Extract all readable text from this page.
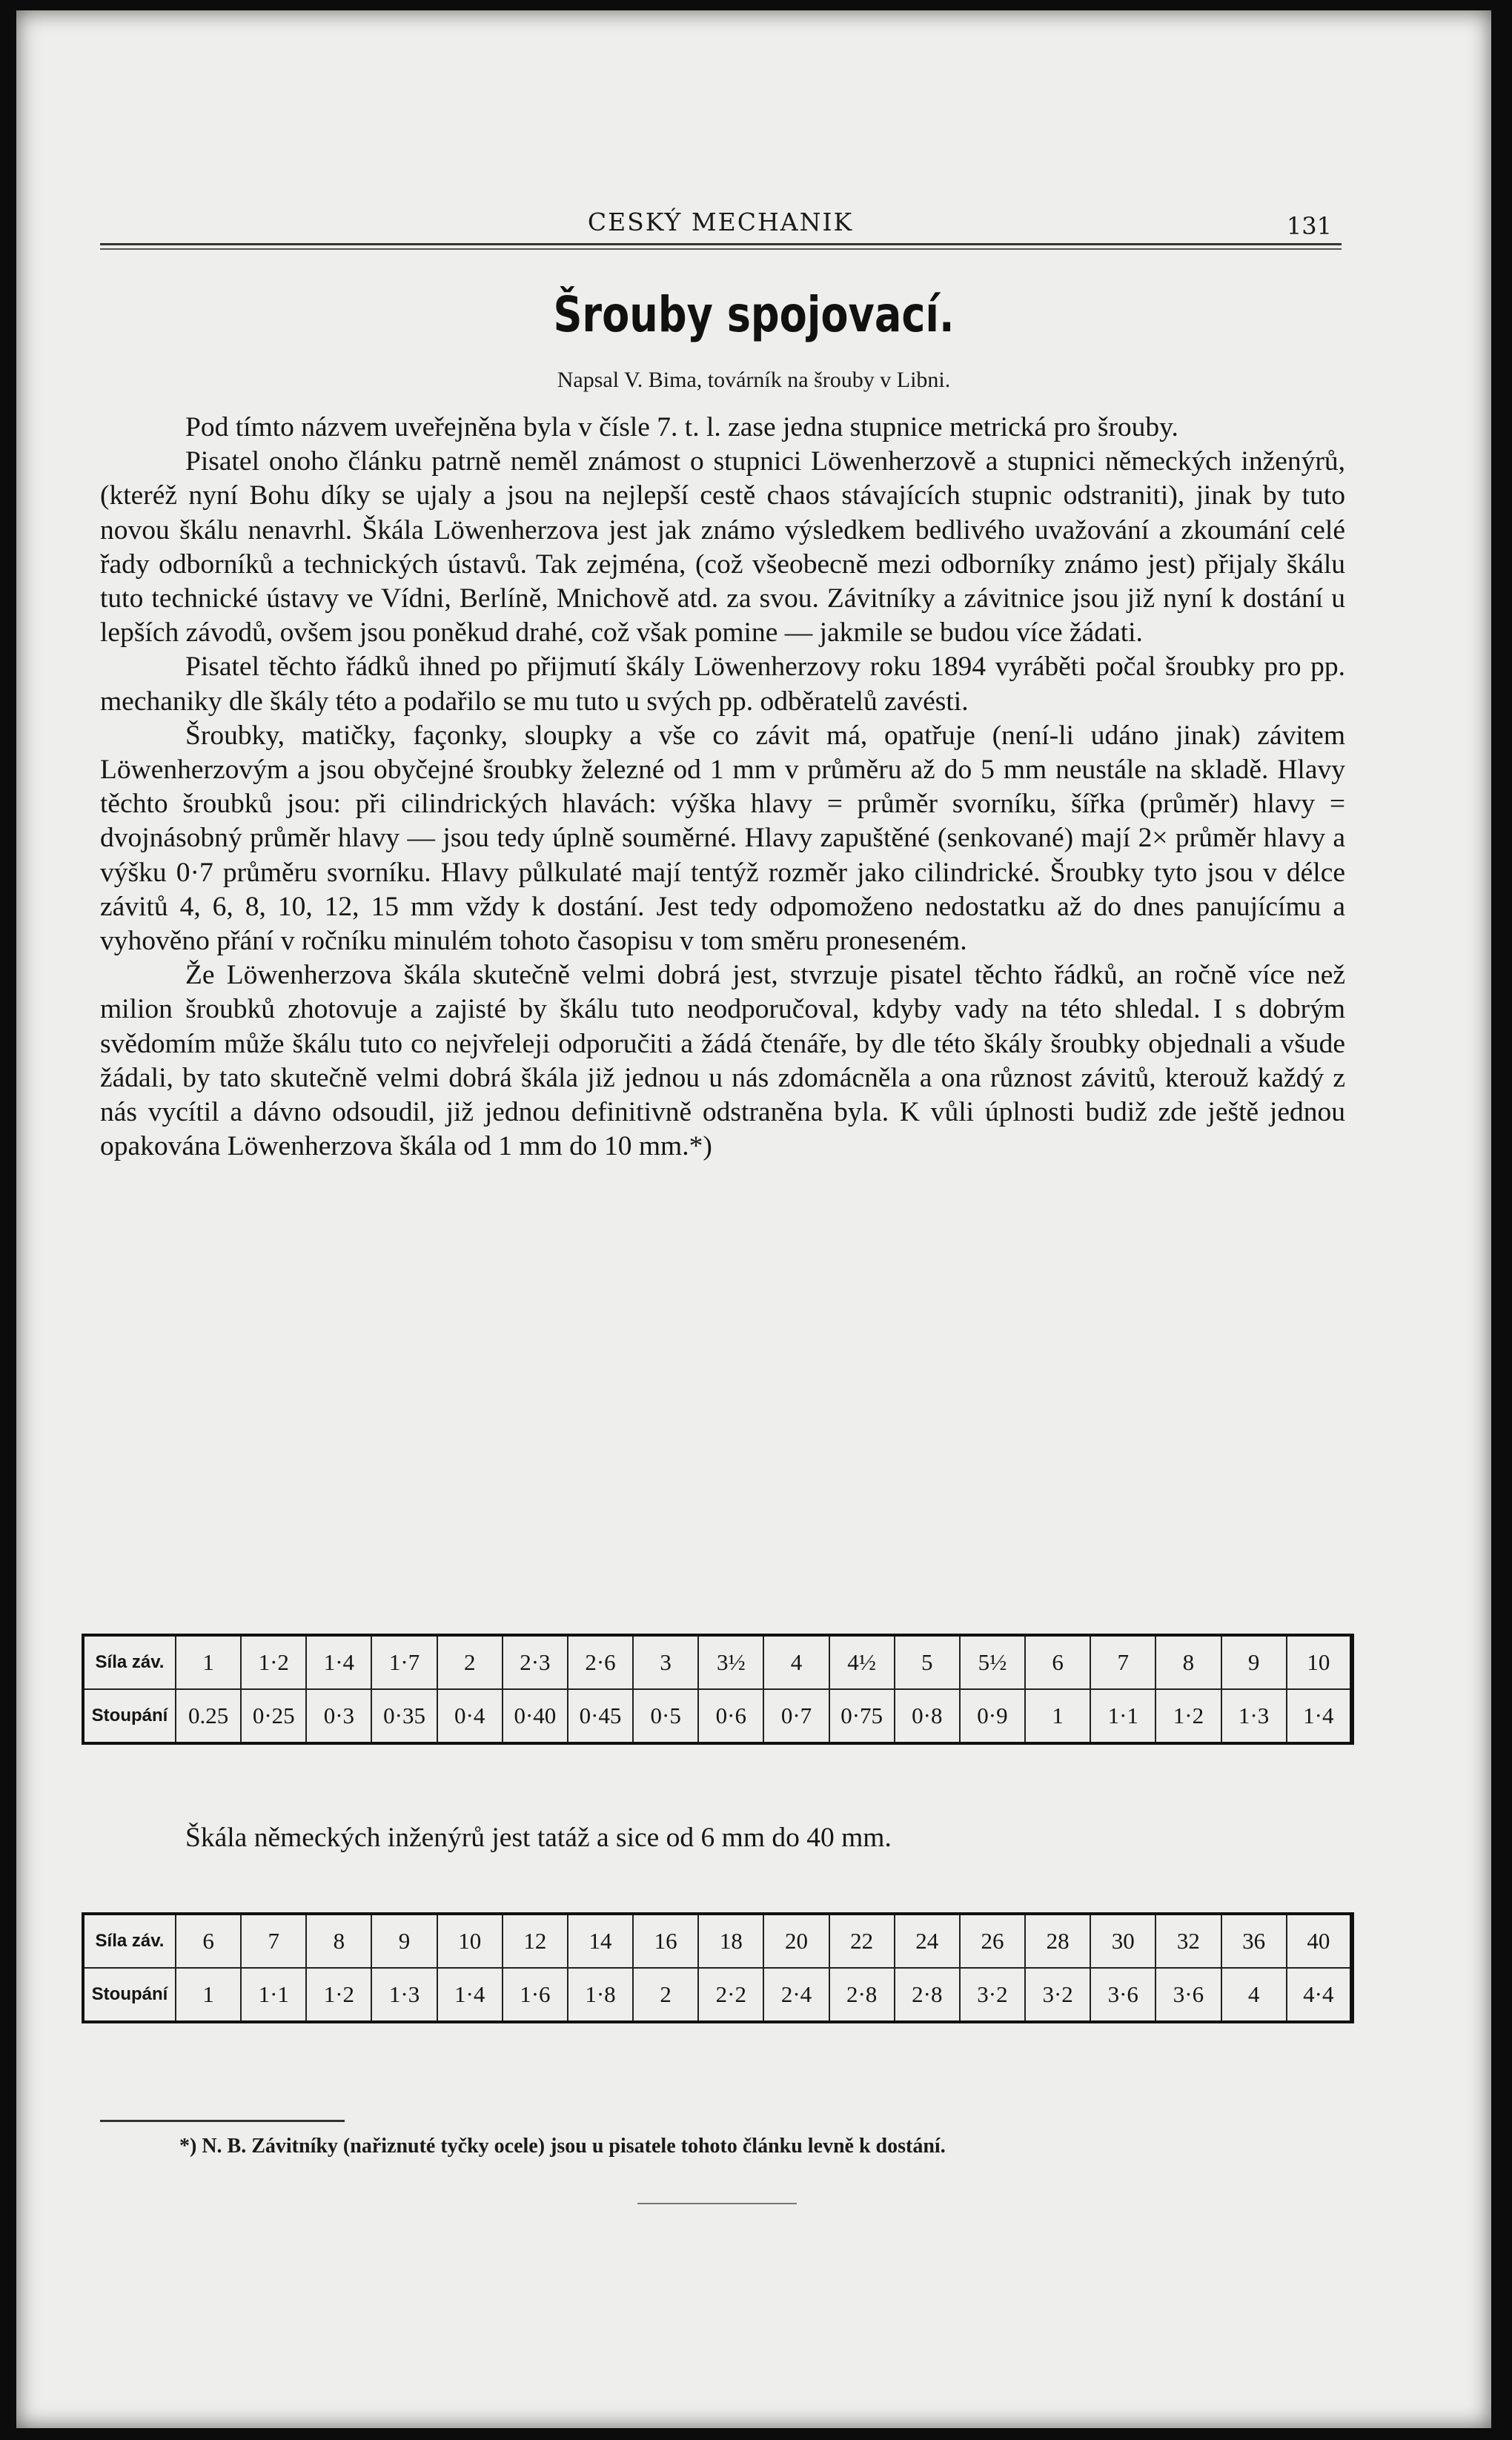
CESKÝ MECHANIK	131
Šrouby spojovací.
Napsal V. Bima, továrník na šrouby v Libni.

Pod tímto názvem uveřejněna byla v čísle 7. t. l. zase jedna stupnice metrická pro šrouby.

Pisatel onoho článku patrně neměl známost o stupnici Löwenherzově a stupnici německých inženýrů, (kteréž nyní Bohu díky se ujaly a jsou na nejlepší cestě chaos stávajících stupnic odstraniti), jinak by tuto novou škálu nenavrhl. Škála Löwenherzova jest jak známo výsledkem bedlivého uvažování a zkoumání celé řady odborníků a technických ústavů. Tak zejména, (což všeobecně mezi odborníky známo jest) přijaly škálu tuto technické ústavy ve Vídni, Berlíně, Mnichově atd. za svou. Závitníky a závitnice jsou již nyní k dostání u lepších závodů, ovšem jsou poněkud drahé, což však pomine — jakmile se budou více žádati.

Pisatel těchto řádků ihned po přijmutí škály Löwenherzovy roku 1894 vyráběti počal šroubky pro pp. mechaniky dle škály této a podařilo se mu tuto u svých pp. odběratelů zavésti.

Šroubky, matičky, façonky, sloupky a vše co závit má, opatřuje (není-li udáno jinak) závitem Löwenherzovým a jsou obyčejné šroubky železné od 1 mm v průměru až do 5 mm neustále na skladě. Hlavy těchto šroubků jsou: při cilindrických hlavách: výška hlavy = průměr svorníku, šířka (průměr) hlavy = dvojnásobný průměr hlavy — jsou tedy úplně souměrné. Hlavy zapuštěné (senkované) mají 2× průměr hlavy a výšku 0·7 průměru svorníku. Hlavy půlkulaté mají tentýž rozměr jako cilindrické. Šroubky tyto jsou v délce závitů 4, 6, 8, 10, 12, 15 mm vždy k dostání. Jest tedy odpomoženo nedostatku až do dnes panujícímu a vyhověno přání v ročníku minulém tohoto časopisu v tom směru proneseném.

Že Löwenherzova škála skutečně velmi dobrá jest, stvrzuje pisatel těchto řádků, an ročně více než milion šroubků zhotovuje a zajisté by škálu tuto neodporučoval, kdyby vady na této shledal. I s dobrým svědomím může škálu tuto co nejvřeleji odporučiti a žádá čtenáře, by dle této škály šroubky objednali a všude žádali, by tato skutečně velmi dobrá škála již jednou u nás zdomácněla a ona různost závitů, kterouž každý z nás vycítil a dávno odsoudil, již jednou definitivně odstraněna byla. K vůli úplnosti budiž zde ještě jednou opakována Löwenherzova škála od 1 mm do 10 mm.*)

Síla záv.	1	1·2	1·4	1·7	2	2·3	2·6	3	3½	4	4½	5	5½	6	7	8	9	10
Stoupání	0.25	0·25	0·3	0·35	0·4	0·40	0·45	0·5	0·6	0·7	0·75	0·8	0·9	1	1·1	1·2	1·3	1·4
Škála německých inženýrů jest tatáž a sice od 6 mm do 40 mm.
Síla záv.	6	7	8	9	10	12	14	16	18	20	22	24	26	28	30	32	36	40
Stoupání	1	1·1	1·2	1·3	1·4	1·6	1·8	2	2·2	2·4	2·8	2·8	3·2	3·2	3·6	3·6	4	4·4
*) N. B. Závitníky (nařiznuté tyčky ocele) jsou u pisatele tohoto článku levně k dostání.
